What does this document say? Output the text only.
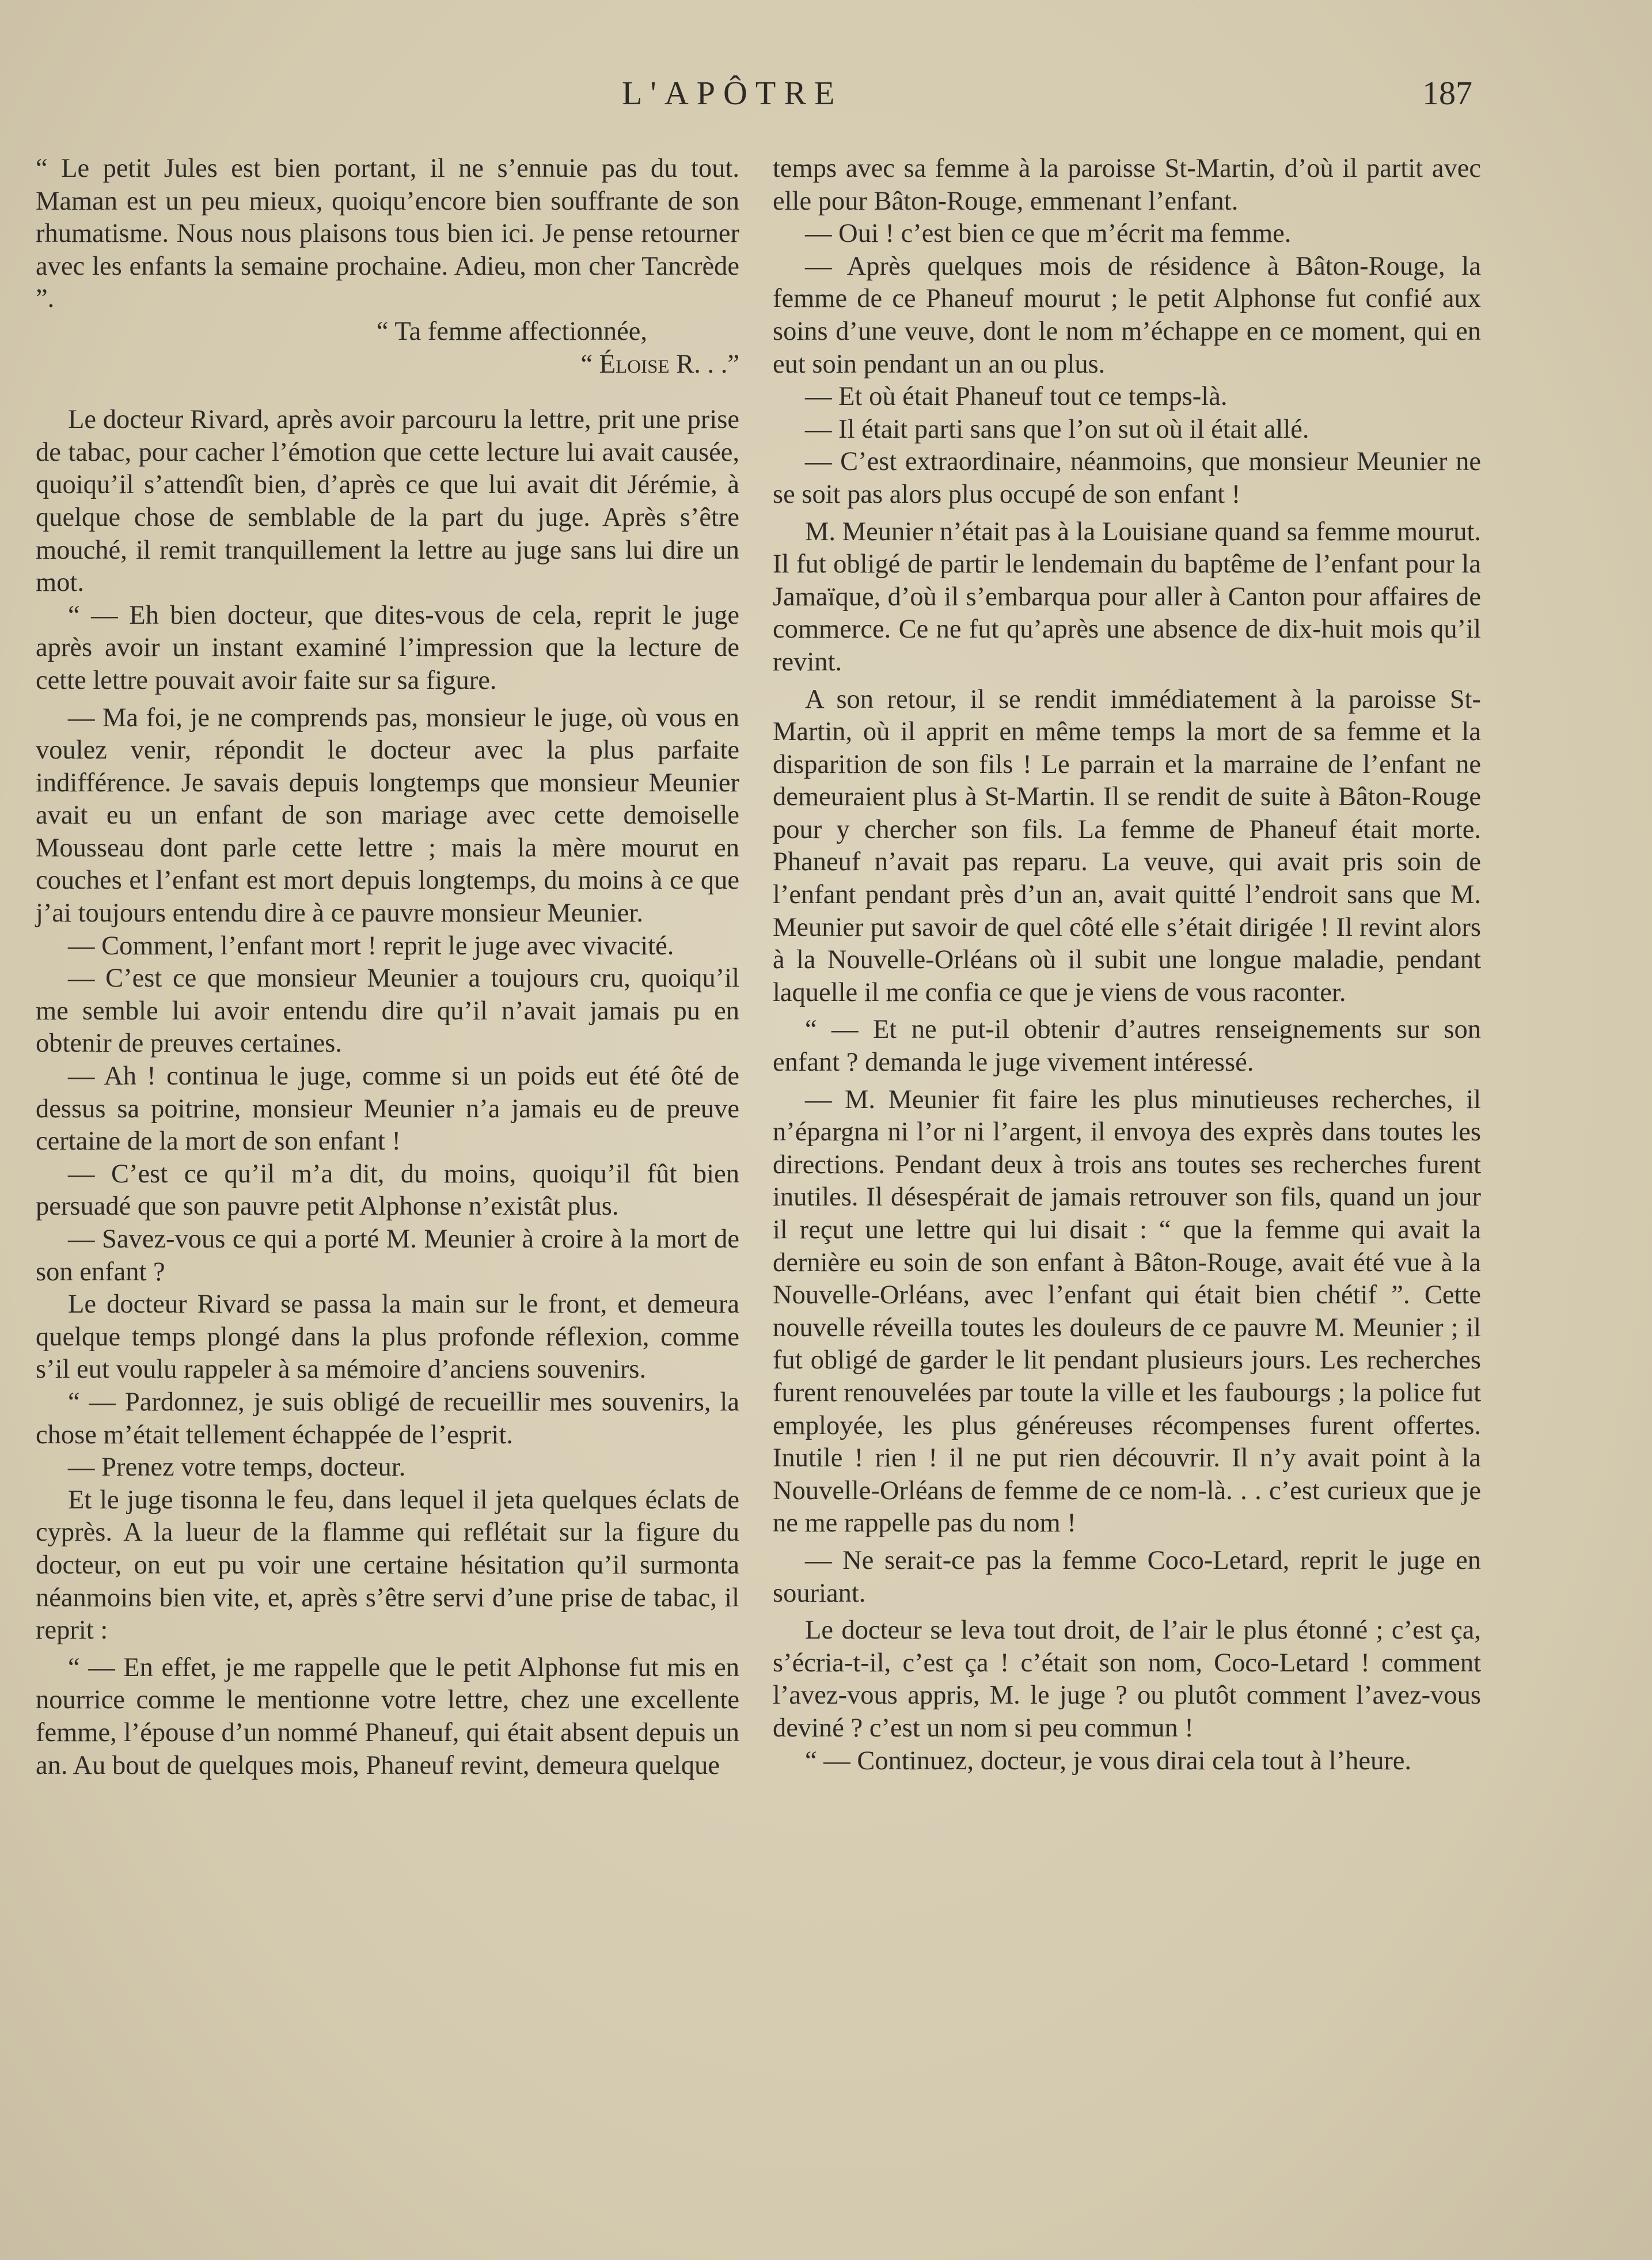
L'APÔTRE	187

“ Le petit Jules est bien portant, il ne s’ennuie pas du tout. Maman est un peu mieux, quoiqu’encore bien souffrante de son rhumatisme. Nous nous plaisons tous bien ici. Je pense retourner avec les enfants la semaine prochaine. Adieu, mon cher Tancrède ”.

“ Ta femme affectionnée,

“ Éloise R. . .”

Le docteur Rivard, après avoir parcouru la lettre, prit une prise de tabac, pour cacher l’émotion que cette lecture lui avait causée, quoiqu’il s’attendît bien, d’après ce que lui avait dit Jérémie, à quelque chose de semblable de la part du juge. Après s’être mouché, il remit tranquillement la lettre au juge sans lui dire un mot.

“ — Eh bien docteur, que dites-vous de cela, reprit le juge après avoir un instant examiné l’impression que la lecture de cette lettre pouvait avoir faite sur sa figure.

— Ma foi, je ne comprends pas, monsieur le juge, où vous en voulez venir, répondit le docteur avec la plus parfaite indifférence. Je savais depuis longtemps que monsieur Meunier avait eu un enfant de son mariage avec cette demoiselle Mousseau dont parle cette lettre ; mais la mère mourut en couches et l’enfant est mort depuis longtemps, du moins à ce que j’ai toujours entendu dire à ce pauvre monsieur Meunier.

— Comment, l’enfant mort ! reprit le juge avec vivacité.

— C’est ce que monsieur Meunier a toujours cru, quoiqu’il me semble lui avoir entendu dire qu’il n’avait jamais pu en obtenir de preuves certaines.

— Ah ! continua le juge, comme si un poids eut été ôté de dessus sa poitrine, monsieur Meunier n’a jamais eu de preuve certaine de la mort de son enfant !

— C’est ce qu’il m’a dit, du moins, quoiqu’il fût bien persuadé que son pauvre petit Alphonse n’existât plus.

— Savez-vous ce qui a porté M. Meunier à croire à la mort de son enfant ?

Le docteur Rivard se passa la main sur le front, et demeura quelque temps plongé dans la plus profonde réflexion, comme s’il eut voulu rappeler à sa mémoire d’anciens souvenirs.

“ — Pardonnez, je suis obligé de recueillir mes souvenirs, la chose m’était tellement échappée de l’esprit.

— Prenez votre temps, docteur.

Et le juge tisonna le feu, dans lequel il jeta quelques éclats de cyprès. A la lueur de la flamme qui reflétait sur la figure du docteur, on eut pu voir une certaine hésitation qu’il surmonta néanmoins bien vite, et, après s’être servi d’une prise de tabac, il reprit :

“ — En effet, je me rappelle que le petit Alphonse fut mis en nourrice comme le mentionne votre lettre, chez une excellente femme, l’épouse d’un nommé Phaneuf, qui était absent depuis un an. Au bout de quelques mois, Phaneuf revint, demeura quelque

temps avec sa femme à la paroisse St-Martin, d’où il partit avec elle pour Bâton-Rouge, emmenant l’enfant.

— Oui ! c’est bien ce que m’écrit ma femme.

— Après quelques mois de résidence à Bâton-Rouge, la femme de ce Phaneuf mourut ; le petit Alphonse fut confié aux soins d’une veuve, dont le nom m’échappe en ce moment, qui en eut soin pendant un an ou plus.

— Et où était Phaneuf tout ce temps-là.

— Il était parti sans que l’on sut où il était allé.

— C’est extraordinaire, néanmoins, que monsieur Meunier ne se soit pas alors plus occupé de son enfant !

M. Meunier n’était pas à la Louisiane quand sa femme mourut. Il fut obligé de partir le lendemain du baptême de l’enfant pour la Jamaïque, d’où il s’embarqua pour aller à Canton pour affaires de commerce. Ce ne fut qu’après une absence de dix-huit mois qu’il revint.

A son retour, il se rendit immédiatement à la paroisse St-Martin, où il apprit en même temps la mort de sa femme et la disparition de son fils ! Le parrain et la marraine de l’enfant ne demeuraient plus à St-Martin. Il se rendit de suite à Bâton-Rouge pour y chercher son fils. La femme de Phaneuf était morte. Phaneuf n’avait pas reparu. La veuve, qui avait pris soin de l’enfant pendant près d’un an, avait quitté l’endroit sans que M. Meunier put savoir de quel côté elle s’était dirigée ! Il revint alors à la Nouvelle-Orléans où il subit une longue maladie, pendant laquelle il me confia ce que je viens de vous raconter.

“ — Et ne put-il obtenir d’autres renseignements sur son enfant ? demanda le juge vivement intéressé.

— M. Meunier fit faire les plus minutieuses recherches, il n’épargna ni l’or ni l’argent, il envoya des exprès dans toutes les directions. Pendant deux à trois ans toutes ses recherches furent inutiles. Il désespérait de jamais retrouver son fils, quand un jour il reçut une lettre qui lui disait : “ que la femme qui avait la dernière eu soin de son enfant à Bâton-Rouge, avait été vue à la Nouvelle-Orléans, avec l’enfant qui était bien chétif ”. Cette nouvelle réveilla toutes les douleurs de ce pauvre M. Meunier ; il fut obligé de garder le lit pendant plusieurs jours. Les recherches furent renouvelées par toute la ville et les faubourgs ; la police fut employée, les plus généreuses récompenses furent offertes. Inutile ! rien ! il ne put rien découvrir. Il n’y avait point à la Nouvelle-Orléans de femme de ce nom-là. . . c’est curieux que je ne me rappelle pas du nom !

— Ne serait-ce pas la femme Coco-Letard, reprit le juge en souriant.

Le docteur se leva tout droit, de l’air le plus étonné ; c’est ça, s’écria-t-il, c’est ça ! c’était son nom, Coco-Letard ! comment l’avez-vous appris, M. le juge ? ou plutôt comment l’avez-vous deviné ? c’est un nom si peu commun !

“ — Continuez, docteur, je vous dirai cela tout à l’heure.
